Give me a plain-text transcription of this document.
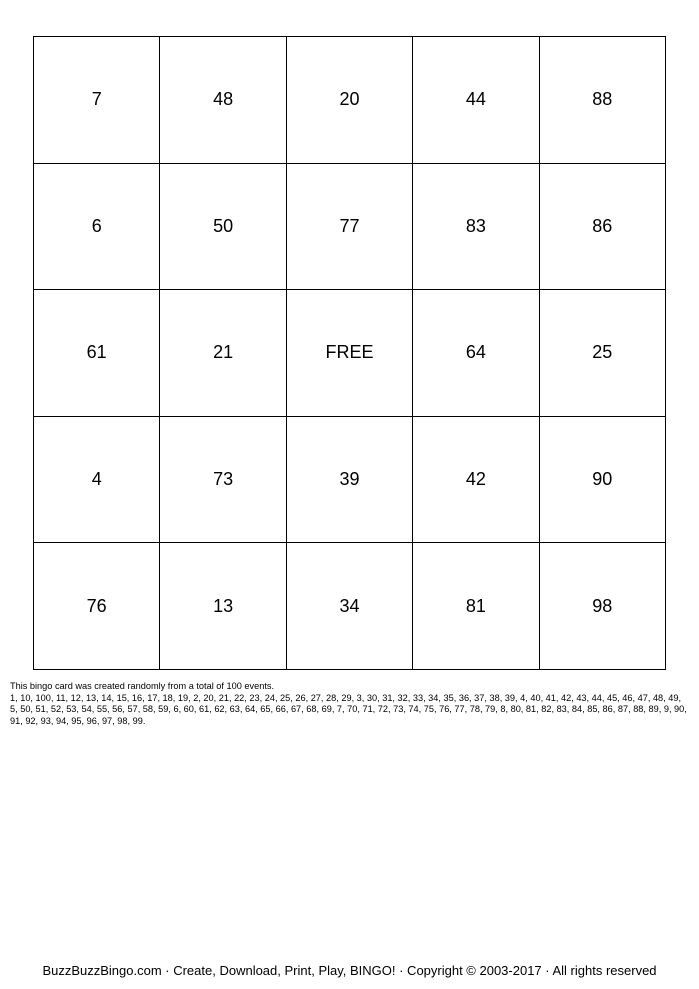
7	48	20	44	88
6	50	77	83	86
61	21	FREE	64	25
4	73	39	42	90
76	13	34	81	98

This bingo card was created randomly from a total of 100 events.

1, 10, 100, 11, 12, 13, 14, 15, 16, 17, 18, 19, 2, 20, 21, 22, 23, 24, 25, 26, 27, 28, 29, 3, 30, 31, 32, 33, 34, 35, 36, 37, 38, 39, 4, 40, 41, 42, 43, 44, 45, 46, 47, 48, 49, 5, 50, 51, 52, 53, 54, 55, 56, 57, 58, 59, 6, 60, 61, 62, 63, 64, 65, 66, 67, 68, 69, 7, 70, 71, 72, 73, 74, 75, 76, 77, 78, 79, 8, 80, 81, 82, 83, 84, 85, 86, 87, 88, 89, 9, 90, 91, 92, 93, 94, 95, 96, 97, 98, 99.

BuzzBuzzBingo.com · Create, Download, Print, Play, BINGO! · Copyright © 2003-2017 · All rights reserved
